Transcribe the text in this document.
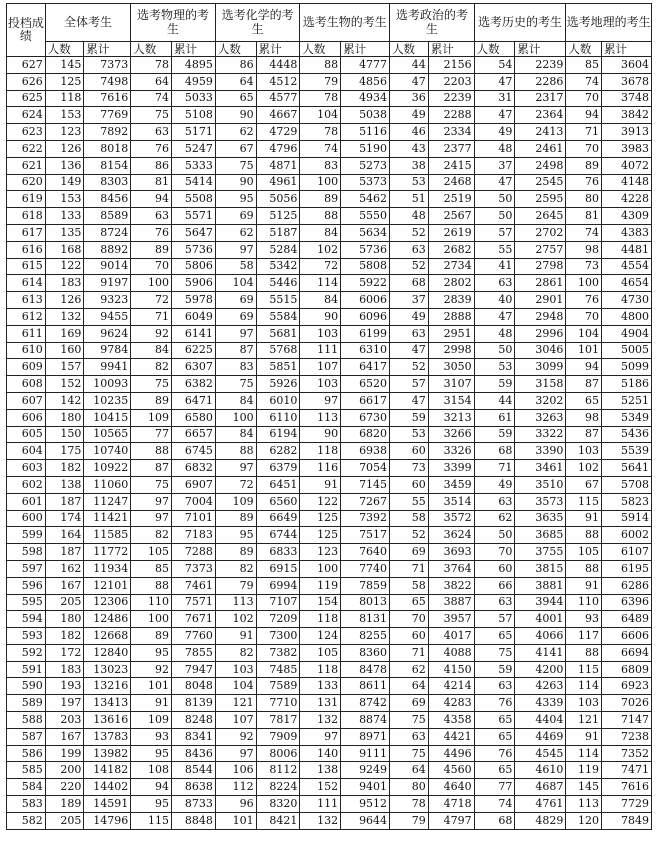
投档成绩	全体考生		选考物理的考生		选考化学的考生		选考生物的考生		选考政治的考生		选考历史的考生		选考地理的考生	
	人数	累计	人数	累计	人数	累计	人数	累计	人数	累计	人数	累计	人数	累计
627	145	7373	78	4895	86	4448	88	4777	44	2156	54	2239	85	3604
626	125	7498	64	4959	64	4512	79	4856	47	2203	47	2286	74	3678
625	118	7616	74	5033	65	4577	78	4934	36	2239	31	2317	70	3748
624	153	7769	75	5108	90	4667	104	5038	49	2288	47	2364	94	3842
623	123	7892	63	5171	62	4729	78	5116	46	2334	49	2413	71	3913
622	126	8018	76	5247	67	4796	74	5190	43	2377	48	2461	70	3983
621	136	8154	86	5333	75	4871	83	5273	38	2415	37	2498	89	4072
620	149	8303	81	5414	90	4961	100	5373	53	2468	47	2545	76	4148
619	153	8456	94	5508	95	5056	89	5462	51	2519	50	2595	80	4228
618	133	8589	63	5571	69	5125	88	5550	48	2567	50	2645	81	4309
617	135	8724	76	5647	62	5187	84	5634	52	2619	57	2702	74	4383
616	168	8892	89	5736	97	5284	102	5736	63	2682	55	2757	98	4481
615	122	9014	70	5806	58	5342	72	5808	52	2734	41	2798	73	4554
614	183	9197	100	5906	104	5446	114	5922	68	2802	63	2861	100	4654
613	126	9323	72	5978	69	5515	84	6006	37	2839	40	2901	76	4730
612	132	9455	71	6049	69	5584	90	6096	49	2888	47	2948	70	4800
611	169	9624	92	6141	97	5681	103	6199	63	2951	48	2996	104	4904
610	160	9784	84	6225	87	5768	111	6310	47	2998	50	3046	101	5005
609	157	9941	82	6307	83	5851	107	6417	52	3050	53	3099	94	5099
608	152	10093	75	6382	75	5926	103	6520	57	3107	59	3158	87	5186
607	142	10235	89	6471	84	6010	97	6617	47	3154	44	3202	65	5251
606	180	10415	109	6580	100	6110	113	6730	59	3213	61	3263	98	5349
605	150	10565	77	6657	84	6194	90	6820	53	3266	59	3322	87	5436
604	175	10740	88	6745	88	6282	118	6938	60	3326	68	3390	103	5539
603	182	10922	87	6832	97	6379	116	7054	73	3399	71	3461	102	5641
602	138	11060	75	6907	72	6451	91	7145	60	3459	49	3510	67	5708
601	187	11247	97	7004	109	6560	122	7267	55	3514	63	3573	115	5823
600	174	11421	97	7101	89	6649	125	7392	58	3572	62	3635	91	5914
599	164	11585	82	7183	95	6744	125	7517	52	3624	50	3685	88	6002
598	187	11772	105	7288	89	6833	123	7640	69	3693	70	3755	105	6107
597	162	11934	85	7373	82	6915	100	7740	71	3764	60	3815	88	6195
596	167	12101	88	7461	79	6994	119	7859	58	3822	66	3881	91	6286
595	205	12306	110	7571	113	7107	154	8013	65	3887	63	3944	110	6396
594	180	12486	100	7671	102	7209	118	8131	70	3957	57	4001	93	6489
593	182	12668	89	7760	91	7300	124	8255	60	4017	65	4066	117	6606
592	172	12840	95	7855	82	7382	105	8360	71	4088	75	4141	88	6694
591	183	13023	92	7947	103	7485	118	8478	62	4150	59	4200	115	6809
590	193	13216	101	8048	104	7589	133	8611	64	4214	63	4263	114	6923
589	197	13413	91	8139	121	7710	131	8742	69	4283	76	4339	103	7026
588	203	13616	109	8248	107	7817	132	8874	75	4358	65	4404	121	7147
587	167	13783	93	8341	92	7909	97	8971	63	4421	65	4469	91	7238
586	199	13982	95	8436	97	8006	140	9111	75	4496	76	4545	114	7352
585	200	14182	108	8544	106	8112	138	9249	64	4560	65	4610	119	7471
584	220	14402	94	8638	112	8224	152	9401	80	4640	77	4687	145	7616
583	189	14591	95	8733	96	8320	111	9512	78	4718	74	4761	113	7729
582	205	14796	115	8848	101	8421	132	9644	79	4797	68	4829	120	7849
